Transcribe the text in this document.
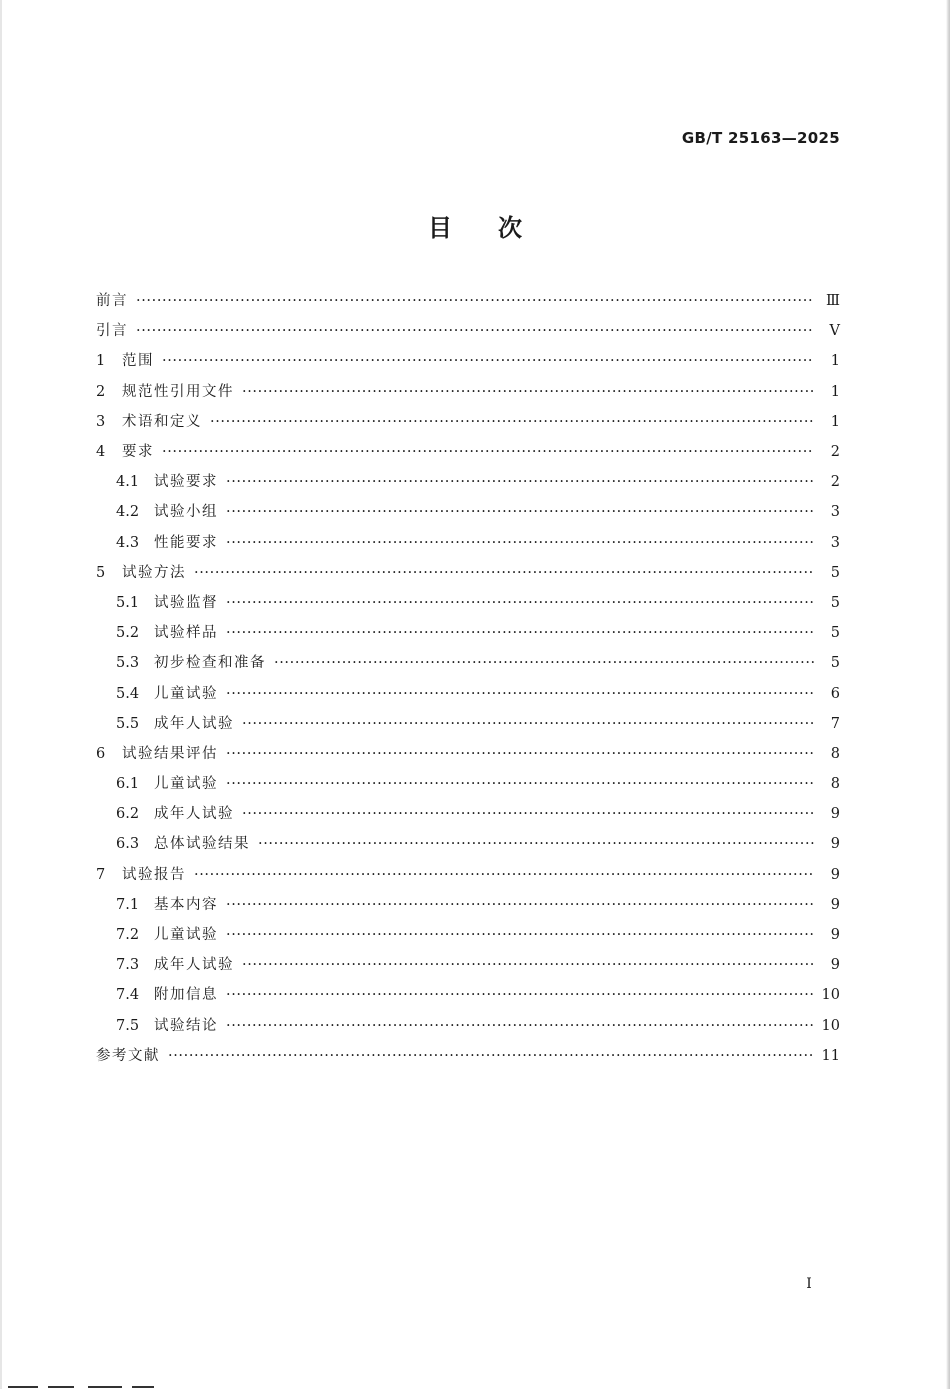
GB/T 25163—2025
目次
前言 ·····	Ⅲ
引言 ·····	Ⅴ
1	范围 ·····	1
2	规范性引用文件 ·····	1
3	术语和定义 ·····	1
4	要求 ·····	2
4.1	试验要求 ·····	2
4.2	试验小组 ·····	3
4.3	性能要求 ·····	3
5	试验方法 ·····	5
5.1	试验监督 ·····	5
5.2	试验样品 ·····	5
5.3	初步检查和准备 ·····	5
5.4	儿童试验 ·····	6
5.5	成年人试验 ·····	7
6	试验结果评估 ·····	8
6.1	儿童试验 ·····	8
6.2	成年人试验 ·····	9
6.3	总体试验结果 ·····	9
7	试验报告 ·····	9
7.1	基本内容 ·····	9
7.2	儿童试验 ·····	9
7.3	成年人试验 ·····	9
7.4	附加信息 ·····	10
7.5	试验结论 ·····	10
参考文献 ·····	11
I
